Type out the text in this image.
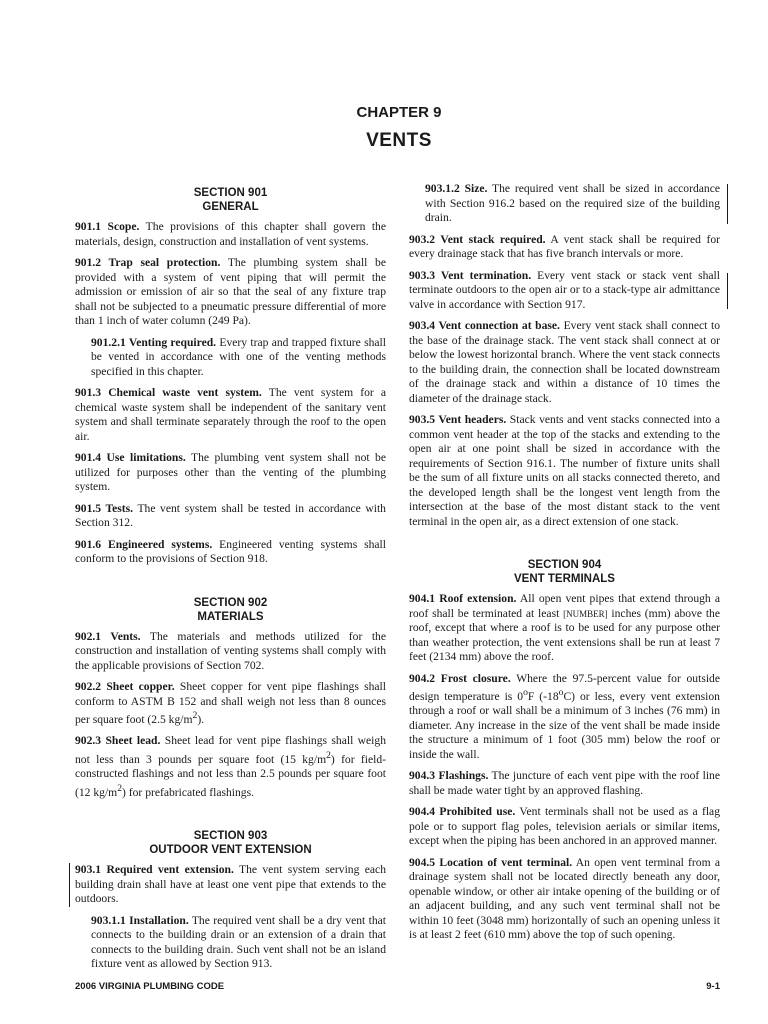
CHAPTER 9
VENTS
SECTION 901
GENERAL

901.1 Scope. The provisions of this chapter shall govern the materials, design, construction and installation of vent systems.

901.2 Trap seal protection. The plumbing system shall be provided with a system of vent piping that will permit the admission or emission of air so that the seal of any fixture trap shall not be subjected to a pneumatic pressure differential of more than 1 inch of water column (249 Pa).

901.2.1 Venting required. Every trap and trapped fixture shall be vented in accordance with one of the venting methods specified in this chapter.

901.3 Chemical waste vent system. The vent system for a chemical waste system shall be independent of the sanitary vent system and shall terminate separately through the roof to the open air.

901.4 Use limitations. The plumbing vent system shall not be utilized for purposes other than the venting of the plumbing system.

901.5 Tests. The vent system shall be tested in accordance with Section 312.

901.6 Engineered systems. Engineered venting systems shall conform to the provisions of Section 918.

SECTION 902
MATERIALS

902.1 Vents. The materials and methods utilized for the construction and installation of venting systems shall comply with the applicable provisions of Section 702.

902.2 Sheet copper. Sheet copper for vent pipe flashings shall conform to ASTM B 152 and shall weigh not less than 8 ounces per square foot (2.5 $kg/m^2$).

902.3 Sheet lead. Sheet lead for vent pipe flashings shall weigh not less than 3 pounds per square foot (15 $kg/m^2$) for field-constructed flashings and not less than 2.5 pounds per square foot (12 $kg/m^2$) for prefabricated flashings.

SECTION 903
OUTDOOR VENT EXTENSION

903.1 Required vent extension. The vent system serving each building drain shall have at least one vent pipe that extends to the outdoors.

903.1.1 Installation. The required vent shall be a dry vent that connects to the building drain or an extension of a drain that connects to the building drain. Such vent shall not be an island fixture vent as allowed by Section 913.

903.1.2 Size. The required vent shall be sized in accordance with Section 916.2 based on the required size of the building drain.

903.2 Vent stack required. A vent stack shall be required for every drainage stack that has five branch intervals or more.

903.3 Vent termination. Every vent stack or stack vent shall terminate outdoors to the open air or to a stack-type air admittance valve in accordance with Section 917.

903.4 Vent connection at base. Every vent stack shall connect to the base of the drainage stack. The vent stack shall connect at or below the lowest horizontal branch. Where the vent stack connects to the building drain, the connection shall be located downstream of the drainage stack and within a distance of 10 times the diameter of the drainage stack.

903.5 Vent headers. Stack vents and vent stacks connected into a common vent header at the top of the stacks and extending to the open air at one point shall be sized in accordance with the requirements of Section 916.1. The number of fixture units shall be the sum of all fixture units on all stacks connected thereto, and the developed length shall be the longest vent length from the intersection at the base of the most distant stack to the vent terminal in the open air, as a direct extension of one stack.

SECTION 904
VENT TERMINALS

904.1 Roof extension. All open vent pipes that extend through a roof shall be terminated at least [NUMBER] inches (mm) above the roof, except that where a roof is to be used for any purpose other than weather protection, the vent extensions shall be run at least 7 feet (2134 mm) above the roof.

904.2 Frost closure. Where the 97.5-percent value for outside design temperature is 0$^o$F (-18$^o$C) or less, every vent extension through a roof or wall shall be a minimum of 3 inches (76 mm) in diameter. Any increase in the size of the vent shall be made inside the structure a minimum of 1 foot (305 mm) below the roof or inside the wall.

904.3 Flashings. The juncture of each vent pipe with the roof line shall be made water tight by an approved flashing.

904.4 Prohibited use. Vent terminals shall not be used as a flag pole or to support flag poles, television aerials or similar items, except when the piping has been anchored in an approved manner.

904.5 Location of vent terminal. An open vent terminal from a drainage system shall not be located directly beneath any door, openable window, or other air intake opening of the building or of an adjacent building, and any such vent terminal shall not be within 10 feet (3048 mm) horizontally of such an opening unless it is at least 2 feet (610 mm) above the top of such opening.

2006 VIRGINIA PLUMBING CODE	9-1
